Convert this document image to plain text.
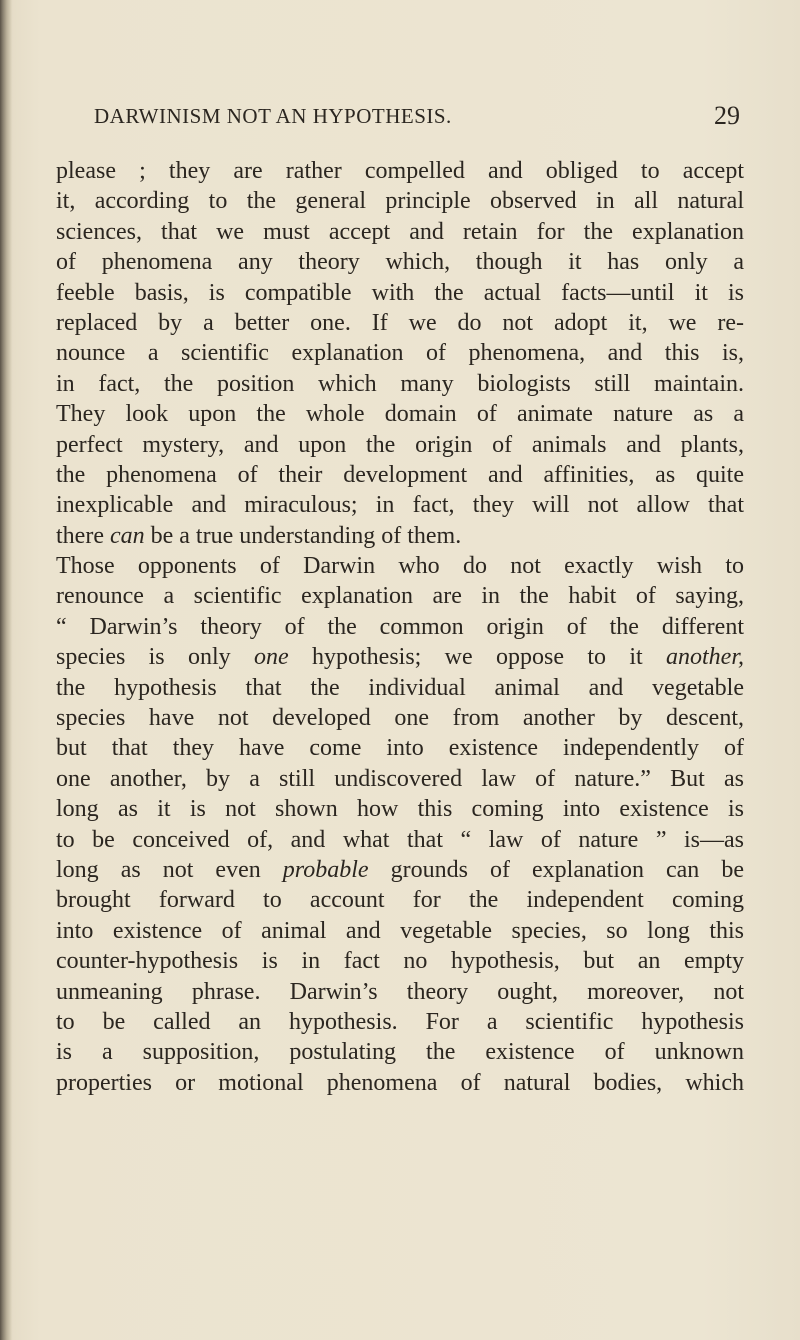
DARWINISM NOT AN HYPOTHESIS.	29
please ; they are rather compelled and obliged to accept
it, according to the general principle observed in all natural
sciences, that we must accept and retain for the explanation
of phenomena any theory which, though it has only a
feeble basis, is compatible with the actual facts—until it is
replaced by a better one. If we do not adopt it, we re-
nounce a scientific explanation of phenomena, and this is,
in fact, the position which many biologists still maintain.
They look upon the whole domain of animate nature as a
perfect mystery, and upon the origin of animals and plants,
the phenomena of their development and affinities, as quite
inexplicable and miraculous; in fact, they will not allow that
there can be a true understanding of them.
Those opponents of Darwin who do not exactly wish to
renounce a scientific explanation are in the habit of saying,
“ Darwin’s theory of the common origin of the different
species is only one hypothesis; we oppose to it another,
the hypothesis that the individual animal and vegetable
species have not developed one from another by descent,
but that they have come into existence independently of
one another, by a still undiscovered law of nature.” But as
long as it is not shown how this coming into existence is
to be conceived of, and what that “ law of nature ” is—as
long as not even probable grounds of explanation can be
brought forward to account for the independent coming
into existence of animal and vegetable species, so long this
counter-hypothesis is in fact no hypothesis, but an empty
unmeaning phrase. Darwin’s theory ought, moreover, not
to be called an hypothesis. For a scientific hypothesis
is a supposition, postulating the existence of unknown
properties or motional phenomena of natural bodies, which
